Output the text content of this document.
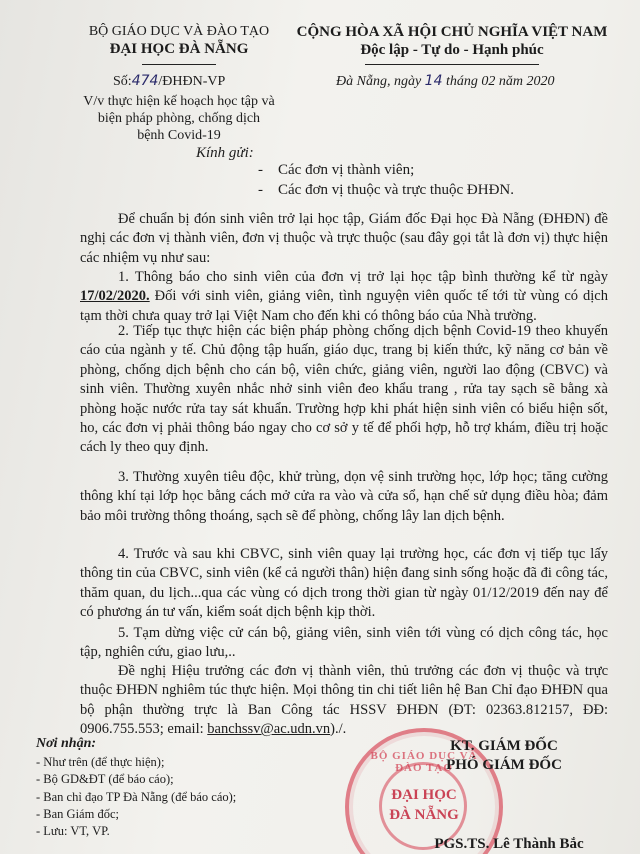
BỘ GIÁO DỤC VÀ ĐÀO TẠO
ĐẠI HỌC ĐÀ NẴNG
Số:474/ĐHĐN-VP
V/v thực hiện kế hoạch học tập và
biện pháp phòng, chống dịch
bệnh Covid-19
CỘNG HÒA XÃ HỘI CHỦ NGHĨA VIỆT NAM
Độc lập - Tự do - Hạnh phúc
Đà Nẵng, ngày 14 tháng 02 năm 2020
Kính gửi:
-    Các đơn vị thành viên;
-    Các đơn vị thuộc và trực thuộc ĐHĐN.
Để chuẩn bị đón sinh viên trở lại học tập, Giám đốc Đại học Đà Nẵng (ĐHĐN) đề nghị các đơn vị thành viên, đơn vị thuộc và trực thuộc (sau đây gọi tắt là đơn vị) thực hiện các nhiệm vụ như sau:
1. Thông báo cho sinh viên của đơn vị trở lại học tập bình thường kể từ ngày 17/02/2020. Đối với sinh viên, giảng viên, tình nguyện viên quốc tế tới từ vùng có dịch tạm thời chưa quay trở lại Việt Nam cho đến khi có thông báo của Nhà trường.
2. Tiếp tục thực hiện các biện pháp phòng chống dịch bệnh Covid-19 theo khuyến cáo của ngành y tế. Chủ động tập huấn, giáo dục, trang bị kiến thức, kỹ năng cơ bản về phòng, chống dịch bệnh cho cán bộ, viên chức, giảng viên, người lao động (CBVC) và sinh viên. Thường xuyên nhắc nhở sinh viên đeo khẩu trang , rửa tay sạch sẽ bằng xà phòng hoặc nước rửa tay sát khuẩn. Trường hợp khi phát hiện sinh viên có biểu hiện sốt, ho, các đơn vị phải thông báo ngay cho cơ sở y tế để phối hợp, hỗ trợ khám, điều trị hoặc cách ly theo quy định.
3. Thường xuyên tiêu độc, khử trùng, dọn vệ sinh trường học, lớp học; tăng cường thông khí tại lớp học bằng cách mở cửa ra vào và cửa sổ, hạn chế sử dụng điều hòa; đảm bảo môi trường thông thoáng, sạch sẽ để phòng, chống lây lan dịch bệnh.
4. Trước và sau khi CBVC, sinh viên quay lại trường học, các đơn vị tiếp tục lấy thông tin của CBVC, sinh viên (kể cả người thân) hiện đang sinh sống hoặc đã đi công tác, thăm quan, du lịch...qua các vùng có dịch trong thời gian từ ngày 01/12/2019 đến nay để có phương án tư vấn, kiểm soát dịch bệnh kịp thời.
5. Tạm dừng việc cử cán bộ, giảng viên, sinh viên tới vùng có dịch công tác, học tập, nghiên cứu, giao lưu,..
Đề nghị Hiệu trưởng các đơn vị thành viên, thủ trưởng các đơn vị thuộc và trực thuộc ĐHĐN nghiêm túc thực hiện. Mọi thông tin chi tiết liên hệ Ban Chỉ đạo ĐHĐN qua bộ phận thường trực là Ban Công tác HSSV ĐHĐN (ĐT: 02363.812157, ĐĐ: 0906.755.553; email: banchssv@ac.udn.vn)./.
Nơi nhận:
- Như trên (để thực hiện);
- Bộ GD&ĐT (để báo cáo);
- Ban chỉ đạo TP Đà Nẵng (để báo cáo);
- Ban Giám đốc;
- Lưu: VT, VP.
BỘ GIÁO DỤC VÀ ĐÀO TẠO
ĐẠI HỌC
ĐÀ NẴNG
KT. GIÁM ĐỐC
PHÓ GIÁM ĐỐC
PGS.TS. Lê Thành Bắc
